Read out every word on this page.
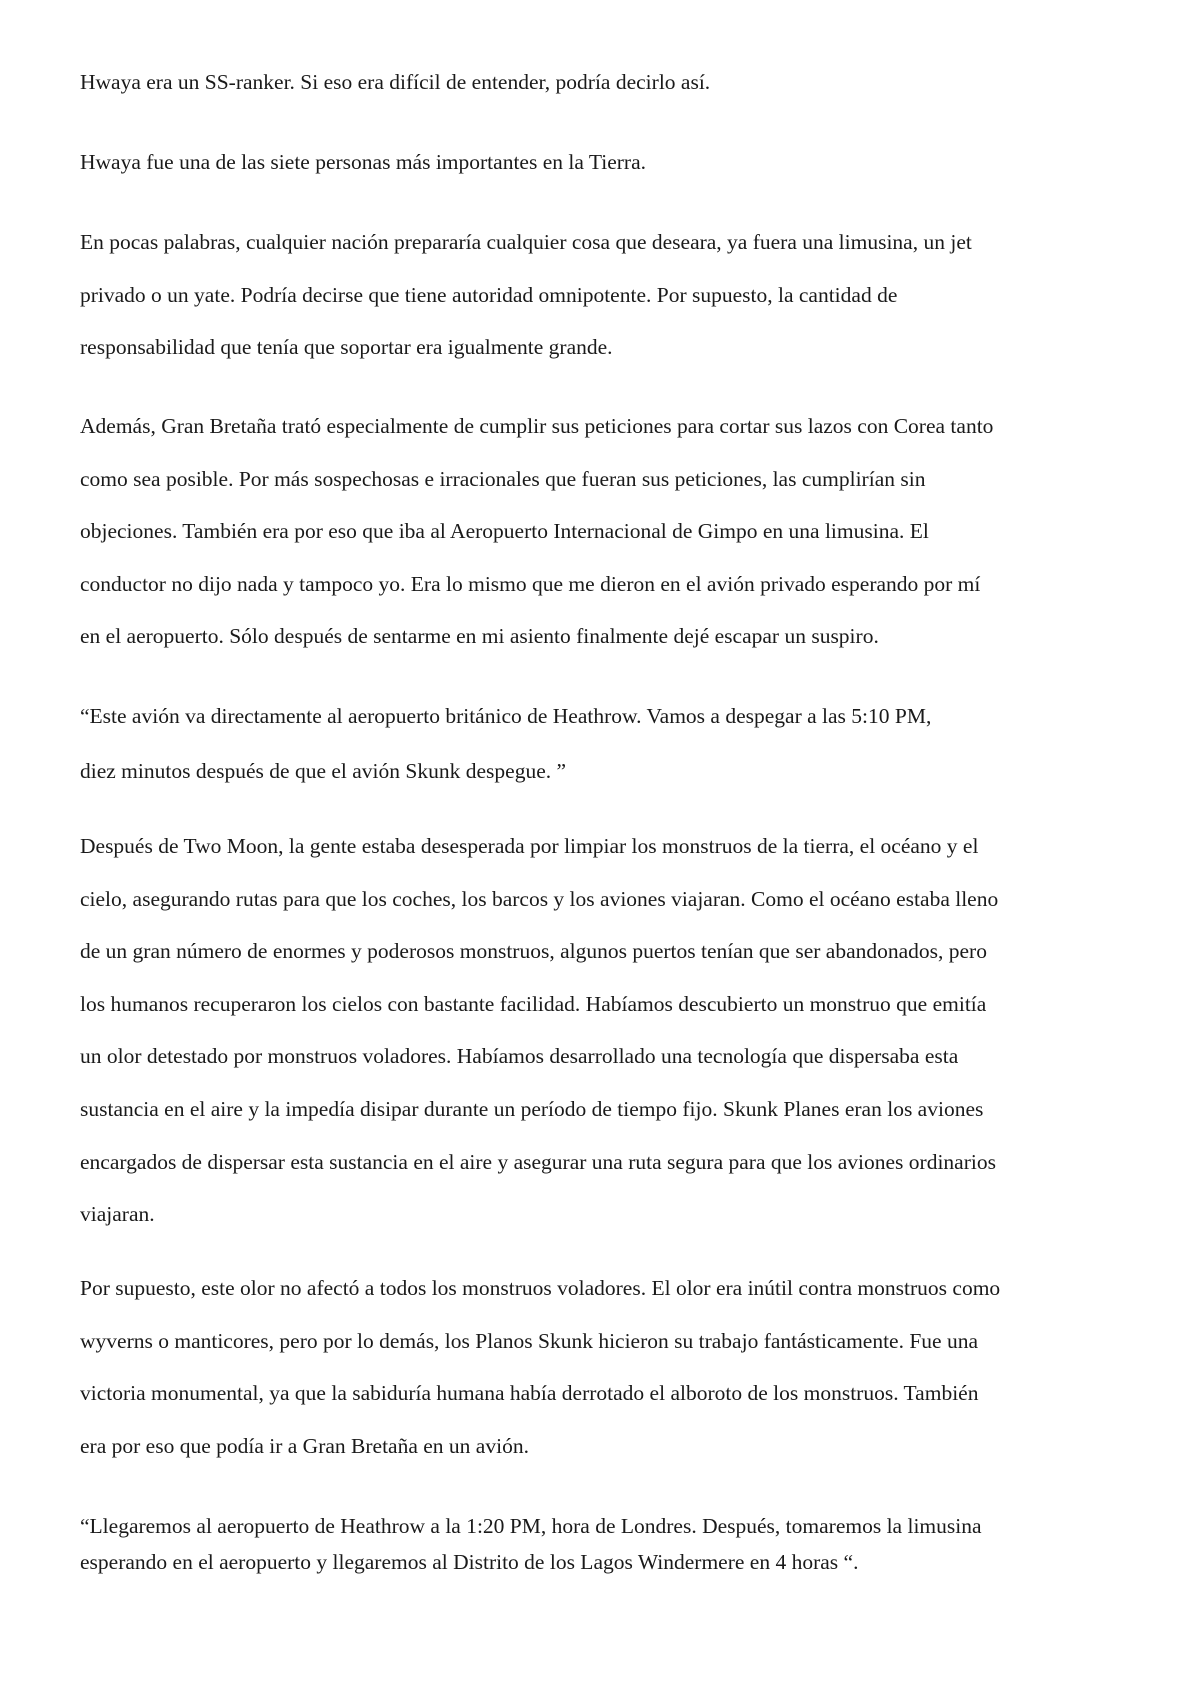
Hwaya era un SS-ranker. Si eso era difícil de entender, podría decirlo así.

Hwaya fue una de las siete personas más importantes en la Tierra.

En pocas palabras, cualquier nación prepararía cualquier cosa que deseara, ya fuera una limusina, un jet
privado o un yate. Podría decirse que tiene autoridad omnipotente. Por supuesto, la cantidad de
responsabilidad que tenía que soportar era igualmente grande.

Además, Gran Bretaña trató especialmente de cumplir sus peticiones para cortar sus lazos con Corea tanto
como sea posible. Por más sospechosas e irracionales que fueran sus peticiones, las cumplirían sin
objeciones. También era por eso que iba al Aeropuerto Internacional de Gimpo en una limusina. El
conductor no dijo nada y tampoco yo. Era lo mismo que me dieron en el avión privado esperando por mí
en el aeropuerto. Sólo después de sentarme en mi asiento finalmente dejé escapar un suspiro.

“Este avión va directamente al aeropuerto británico de Heathrow. Vamos a despegar a las 5:10 PM,
diez minutos después de que el avión Skunk despegue. ”

Después de Two Moon, la gente estaba desesperada por limpiar los monstruos de la tierra, el océano y el
cielo, asegurando rutas para que los coches, los barcos y los aviones viajaran. Como el océano estaba lleno
de un gran número de enormes y poderosos monstruos, algunos puertos tenían que ser abandonados, pero
los humanos recuperaron los cielos con bastante facilidad. Habíamos descubierto un monstruo que emitía
un olor detestado por monstruos voladores. Habíamos desarrollado una tecnología que dispersaba esta
sustancia en el aire y la impedía disipar durante un período de tiempo fijo. Skunk Planes eran los aviones
encargados de dispersar esta sustancia en el aire y asegurar una ruta segura para que los aviones ordinarios
viajaran.

Por supuesto, este olor no afectó a todos los monstruos voladores. El olor era inútil contra monstruos como
wyverns o manticores, pero por lo demás, los Planos Skunk hicieron su trabajo fantásticamente. Fue una
victoria monumental, ya que la sabiduría humana había derrotado el alboroto de los monstruos. También
era por eso que podía ir a Gran Bretaña en un avión.

“Llegaremos al aeropuerto de Heathrow a la 1:20 PM, hora de Londres. Después, tomaremos la limusina
esperando en el aeropuerto y llegaremos al Distrito de los Lagos Windermere en 4 horas “.
